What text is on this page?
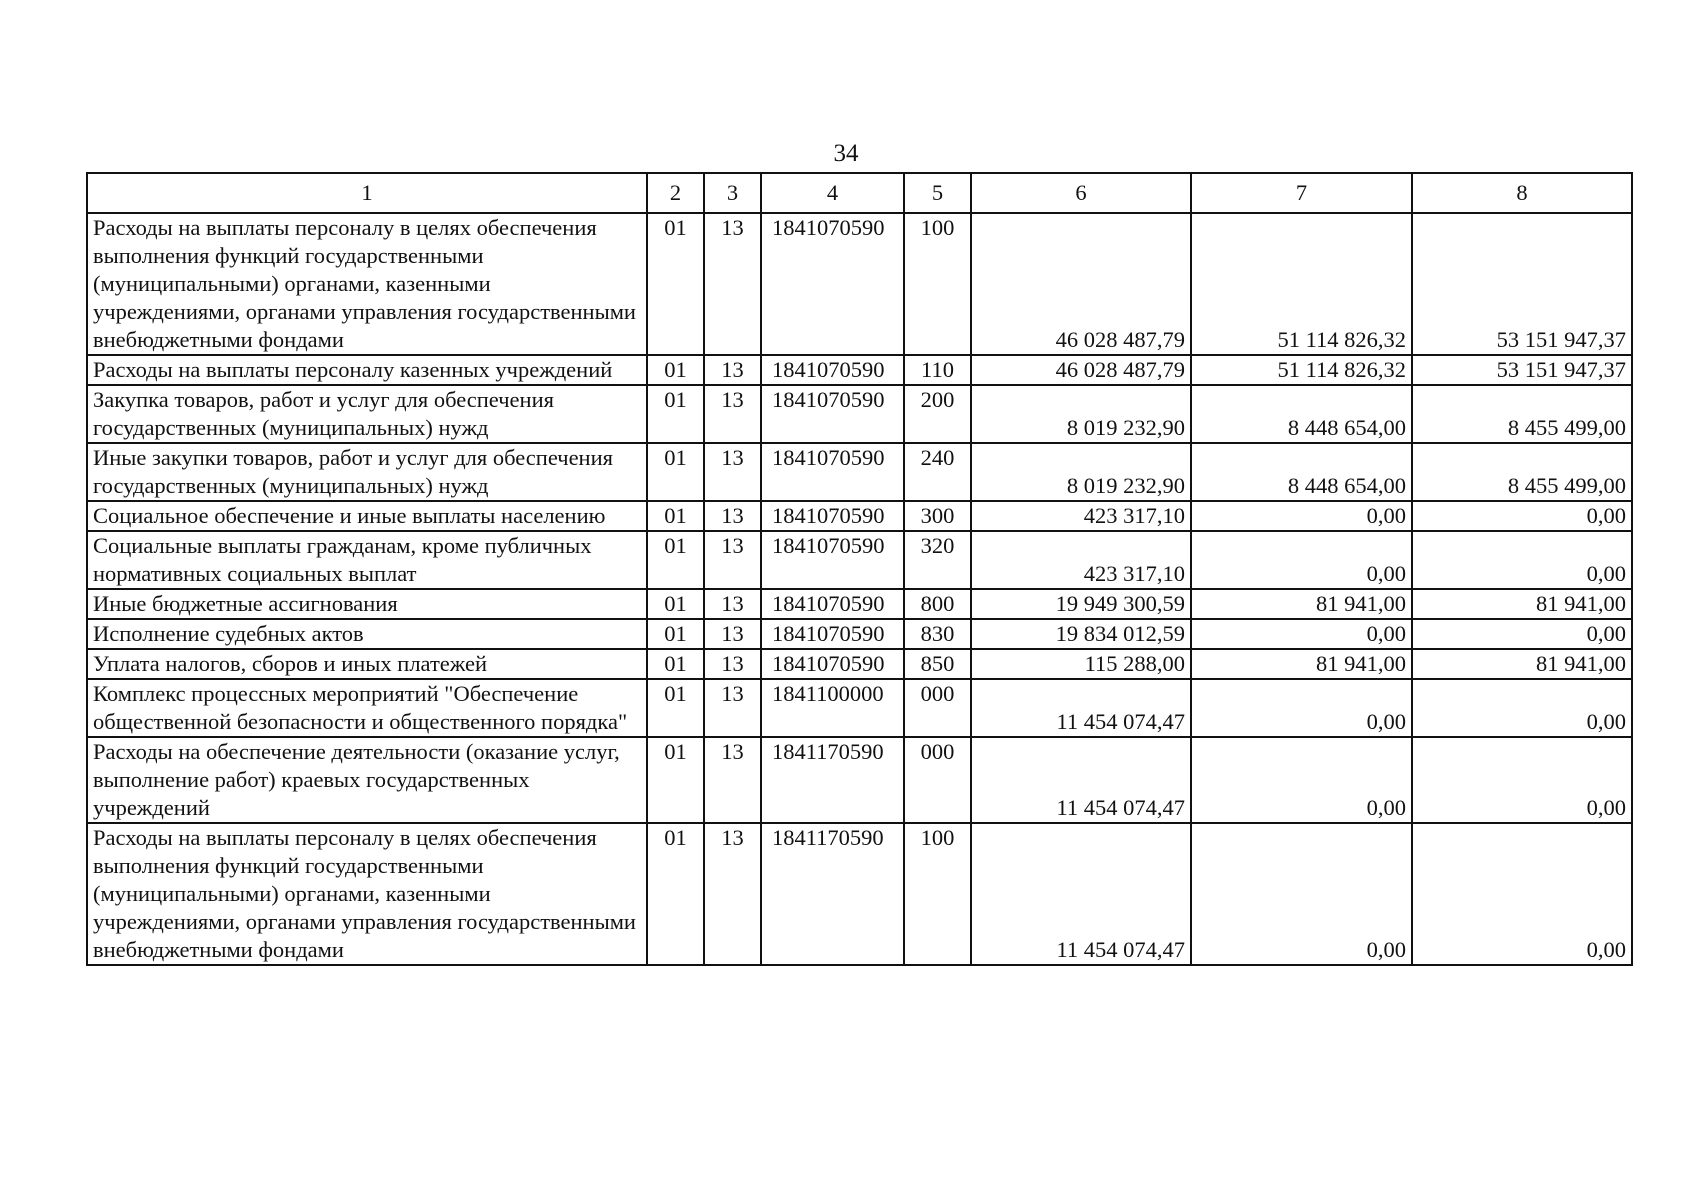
34
1	2	3	4	5	6	7	8
Расходы на выплаты персоналу в целях обеспечения выполнения функций государственными (муниципальными) органами, казенными учреждениями, органами управления государственными внебюджетными фондами	01	13	1841070590	100	46 028 487,79	51 114 826,32	53 151 947,37
Расходы на выплаты персоналу казенных учреждений	01	13	1841070590	110	46 028 487,79	51 114 826,32	53 151 947,37
Закупка товаров, работ и услуг для обеспечения государственных (муниципальных) нужд	01	13	1841070590	200	8 019 232,90	8 448 654,00	8 455 499,00
Иные закупки товаров, работ и услуг для обеспечения государственных (муниципальных) нужд	01	13	1841070590	240	8 019 232,90	8 448 654,00	8 455 499,00
Социальное обеспечение и иные выплаты населению	01	13	1841070590	300	423 317,10	0,00	0,00
Социальные выплаты гражданам, кроме публичных нормативных социальных выплат	01	13	1841070590	320	423 317,10	0,00	0,00
Иные бюджетные ассигнования	01	13	1841070590	800	19 949 300,59	81 941,00	81 941,00
Исполнение судебных актов	01	13	1841070590	830	19 834 012,59	0,00	0,00
Уплата налогов, сборов и иных платежей	01	13	1841070590	850	115 288,00	81 941,00	81 941,00
Комплекс процессных мероприятий "Обеспечение общественной безопасности и общественного порядка"	01	13	1841100000	000	11 454 074,47	0,00	0,00
Расходы на обеспечение деятельности (оказание услуг, выполнение работ) краевых государственных учреждений	01	13	1841170590	000	11 454 074,47	0,00	0,00
Расходы на выплаты персоналу в целях обеспечения выполнения функций государственными (муниципальными) органами, казенными учреждениями, органами управления государственными внебюджетными фондами	01	13	1841170590	100	11 454 074,47	0,00	0,00
